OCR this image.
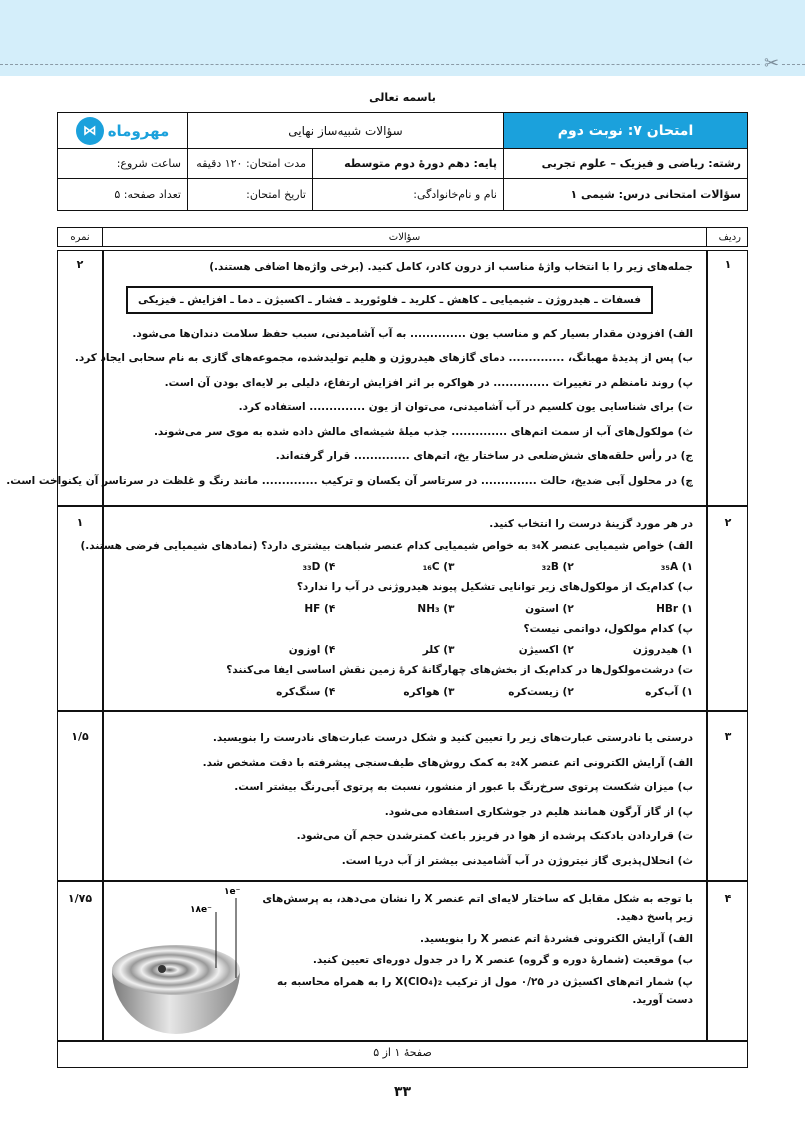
✂
باسمه تعالی
امتحان ۷: نوبت دوم
سؤالات شبیه‌ساز نهایی
مهروماه
⋈
رشته: ریاضی و فیزیک – علوم تجربی
پایه: دهم دورهٔ دوم متوسطه
مدت امتحان: ۱۲۰ دقیقه
ساعت شروع:
سؤالات امتحانی درس: شیمی ۱
نام و نام‌خانوادگی:
تاریخ امتحان:
تعداد صفحه: ۵
ردیف
سؤالات
نمره
۱
۲
۲
۱
۳
۱/۵
۴
۱/۷۵
جمله‌های زیر را با انتخاب واژهٔ مناسب از درون کادر، کامل کنید. (برخی واژه‌ها اضافی هستند.)
فسفات ـ هیدروژن ـ شیمیایی ـ کاهش ـ کلرید ـ فلوئورید ـ فشار ـ اکسیژن ـ دما ـ افزایش ـ فیزیکی
الف) افزودن مقدار بسیار کم و مناسب یون .............. به آب آشامیدنی، سبب حفظ سلامت دندان‌ها می‌شود.
ب) پس از پدیدهٔ مهبانگ، .............. دمای گازهای هیدروژن و هلیم تولیدشده، مجموعه‌های گازی به نام سحابی ایجاد کرد.
پ) روند نامنظم در تغییرات .............. در هواکره بر اثر افزایش ارتفاع، دلیلی بر لایه‌ای بودن آن است.
ت) برای شناسایی یون کلسیم در آب آشامیدنی، می‌توان از یون .............. استفاده کرد.
ث) مولکول‌های آب از سمت اتم‌های .............. جذب میلهٔ شیشه‌ای مالش داده شده به موی سر می‌شوند.
ج) در رأس حلقه‌های شش‌ضلعی در ساختار یخ، اتم‌های .............. قرار گرفته‌اند.
چ) در محلول آبی ضدیخ، حالت .............. در سرتاسر آن یکسان و ترکیب .............. مانند رنگ و غلظت در سرتاسر آن یکنواخت است.
در هر مورد گزینهٔ درست را انتخاب کنید.
الف) خواص شیمیایی عنصر ₃₄X به خواص شیمیایی کدام عنصر شباهت بیشتری دارد؟ (نمادهای شیمیایی فرضی هستند.)
۱) ₃₅A
۲) ₃₂B
۳) ₁₆C
۴) ₃₃D
ب) کدام‌یک از مولکول‌های زیر توانایی تشکیل پیوند هیدروژنی در آب را ندارد؟
۱) HBr
۲) استون
۳) NH₃
۴) HF
پ) کدام مولکول، دواتمی نیست؟
۱) هیدروژن
۲) اکسیژن
۳) کلر
۴) اوزون
ت) درشت‌مولکول‌ها در کدام‌یک از بخش‌های چهارگانهٔ کرهٔ زمین نقش اساسی ایفا می‌کنند؟
۱) آب‌کره
۲) زیست‌کره
۳) هواکره
۴) سنگ‌کره
درستی یا نادرستی عبارت‌های زیر را تعیین کنید و شکل درست عبارت‌های نادرست را بنویسید.
الف) آرایش الکترونی اتم عنصر ₂₄X به کمک روش‌های طیف‌سنجی پیشرفته با دقت مشخص شد.
ب) میزان شکست پرتوی سرخ‌رنگ با عبور از منشور، نسبت به پرتوی آبی‌رنگ بیشتر است.
پ) از گاز آرگون همانند هلیم در جوشکاری استفاده می‌شود.
ت) قراردادن بادکنک پرشده از هوا در فریزر باعث کمترشدن حجم آن می‌شود.
ث) انحلال‌پذیری گاز نیتروژن در آب آشامیدنی بیشتر از آب دریا است.
با توجه به شکل مقابل که ساختار لایه‌ای اتم عنصر X را نشان می‌دهد، به پرسش‌های زیر پاسخ دهید.
الف) آرایش الکترونی فشردهٔ اتم عنصر X را بنویسید.
ب) موقعیت (شمارهٔ دوره و گروه) عنصر X را در جدول دوره‌ای تعیین کنید.
پ) شمار اتم‌های اکسیژن در ۰/۲۵ مول از ترکیب X(ClO₄)₂ را به همراه محاسبه به دست آورید.
۱۸e⁻
۱e⁻
صفحهٔ ۱ از ۵
۳۳
